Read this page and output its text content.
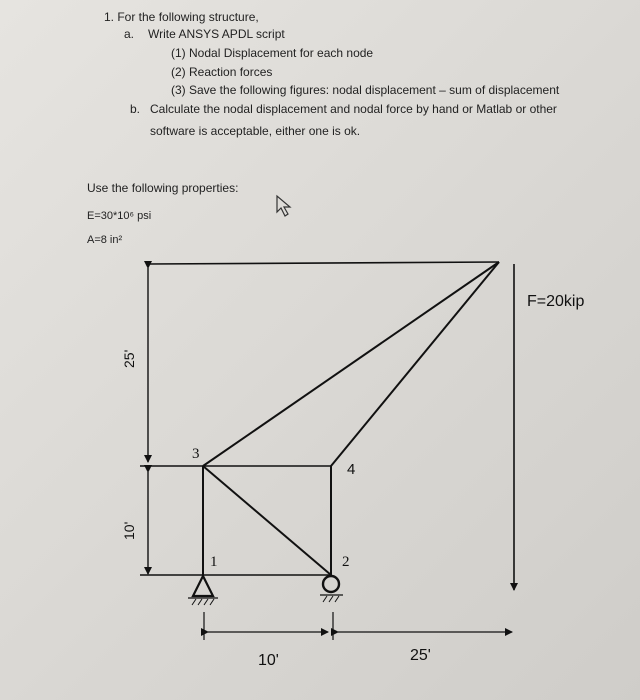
1. For the following structure,
a. Write ANSYS APDL script
(1) Nodal Displacement for each node
(2) Reaction forces
(3) Save the following figures: nodal displacement – sum of displacement
b. Calculate the nodal displacement and nodal force by hand or Matlab or other
software is acceptable, either one is ok.
Use the following properties:
E=30*10⁶ psi
A=8 in²
25'
10'
3
4
1	2
F=20kip
10'	25'
